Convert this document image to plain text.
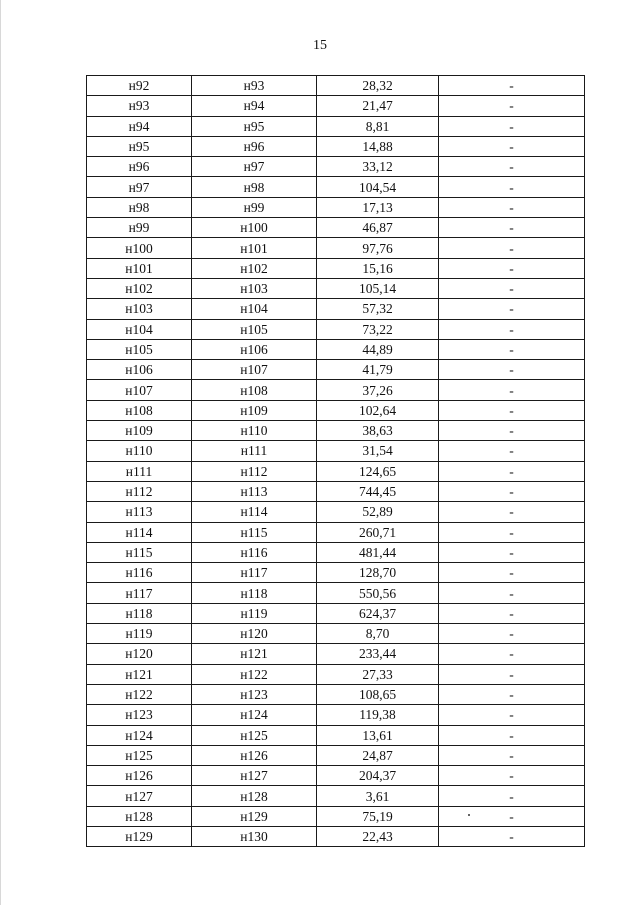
15
н92	н93	28,32	-
н93	н94	21,47	-
н94	н95	8,81	-
н95	н96	14,88	-
н96	н97	33,12	-
н97	н98	104,54	-
н98	н99	17,13	-
н99	н100	46,87	-
н100	н101	97,76	-
н101	н102	15,16	-
н102	н103	105,14	-
н103	н104	57,32	-
н104	н105	73,22	-
н105	н106	44,89	-
н106	н107	41,79	-
н107	н108	37,26	-
н108	н109	102,64	-
н109	н110	38,63	-
н110	н111	31,54	-
н111	н112	124,65	-
н112	н113	744,45	-
н113	н114	52,89	-
н114	н115	260,71	-
н115	н116	481,44	-
н116	н117	128,70	-
н117	н118	550,56	-
н118	н119	624,37	-
н119	н120	8,70	-
н120	н121	233,44	-
н121	н122	27,33	-
н122	н123	108,65	-
н123	н124	119,38	-
н124	н125	13,61	-
н125	н126	24,87	-
н126	н127	204,37	-
н127	н128	3,61	-
н128	н129	75,19	-
н129	н130	22,43	-
